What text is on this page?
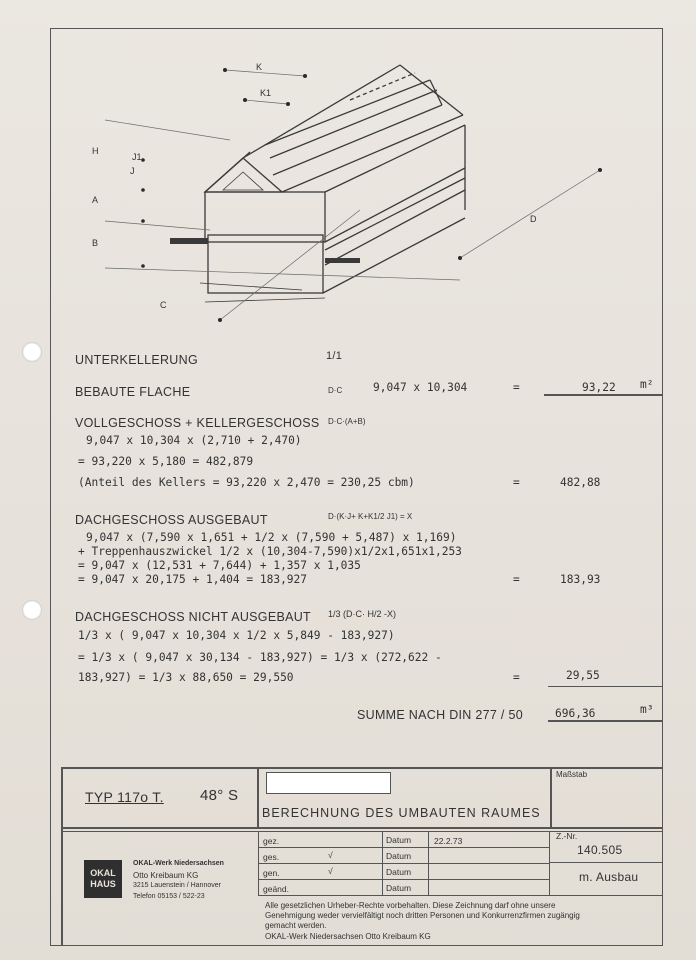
K
K1
H
J1
J
A
B
C
D
UNTERKELLERUNG	1/1
BEBAUTE FLACHE	D·C	9,047 x 10,304	=	93,22 m²
VOLLGESCHOSS + KELLERGESCHOSS D·C·(A+B)
9,047 x 10,304 x (2,710 + 2,470)
= 93,220 x 5,180 = 482,879
(Anteil des Kellers = 93,220 x 2,470 = 230,25 cbm)	=	482,88
DACHGESCHOSS AUSGEBAUT	D·(K·J+ K+K1/2 J1) = X
9,047 x (7,590 x 1,651 + 1/2 x (7,590 + 5,487) x 1,169)
+ Treppenhauszwickel 1/2 x (10,304-7,590)x1/2x1,651x1,253
= 9,047 x (12,531 + 7,644) + 1,357 x 1,035
= 9,047 x 20,175 + 1,404 = 183,927	=	183,93
DACHGESCHOSS NICHT AUSGEBAUT 1/3 (D·C· H/2 -X)
1/3 x ( 9,047 x 10,304 x 1/2 x 5,849 - 183,927)
= 1/3 x ( 9,047 x 30,134 - 183,927) = 1/3 x (272,622 -
183,927) = 1/3 x 88,650 = 29,550	=	29,55
SUMME NACH DIN 277 / 50	696,36	m³
TYP 117o T. 48° S
Maßstab
BERECHNUNG DES UMBAUTEN RAUMES
OKAL HAUS
OKAL-Werk Niedersachsen
Otto Kreibaum KG
3215 Lauenstein / Hannover
Telefon 05153 / 522-23
gez.	Datum	22.2.73
ges.	√	Datum
gen.	√	Datum
geänd.	Datum
Z.-Nr.
140.505
m. Ausbau
Alle gesetzlichen Urheber-Rechte vorbehalten. Diese Zeichnung darf ohne unsere
Genehmigung weder vervielfältigt noch dritten Personen und Konkurrenzfirmen zugängig
gemacht werden.
OKAL-Werk Niedersachsen Otto Kreibaum KG
